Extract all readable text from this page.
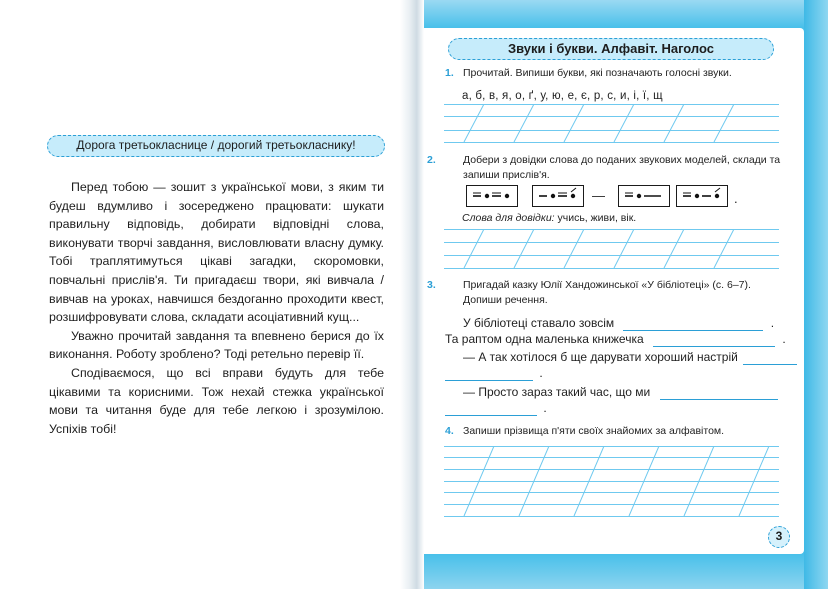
Дорога третьокласнице / дорогий третьокласнику!

Перед тобою — зошит з української мови, з яким ти будеш вдумливо і зосереджено працювати: шукати правильну відповідь, добирати відповідні слова, виконувати творчі завдання, висловлювати власну думку. Тобі траплятимуться цікаві загадки, скоромовки, повчальні прислів'я. Ти пригадаєш твори, які вивчала / вивчав на уроках, навчишся бездоганно проходити квест, розшифровувати слова, складати асоціативний кущ...

Уважно прочитай завдання та впевнено берися до їх виконання. Роботу зроблено? Тоді ретельно перевір її.

Сподіваємося, що всі вправи будуть для тебе цікавими та корисними. Тож нехай стежка української мови та читання буде для тебе легкою і зрозумілою. Успіхів тобі!

Звуки і букви. Алфавіт. Наголос
1. Прочитай. Випиши букви, які позначають голосні звуки.
а, б, в, я, о, ґ, у, ю, е, є, р, с, и, і, ї, щ
2.	Добери з довідки слова до поданих звукових моделей, склади та запиши прислів'я.
—	.
Слова для довідки: учись, живи, вік.
3.	Пригадай казку Юлії Хандожинської «У бібліотеці» (с. 6–7). Допиши речення.
У бібліотеці ставало зовсім	.
Та раптом одна маленька книжечка	.
— А так хотілося б ще дарувати хороший настрій
.
— Просто зараз такий час, що ми
.
4. Запиши прізвища п'яти своїх знайомих за алфавітом.
3
